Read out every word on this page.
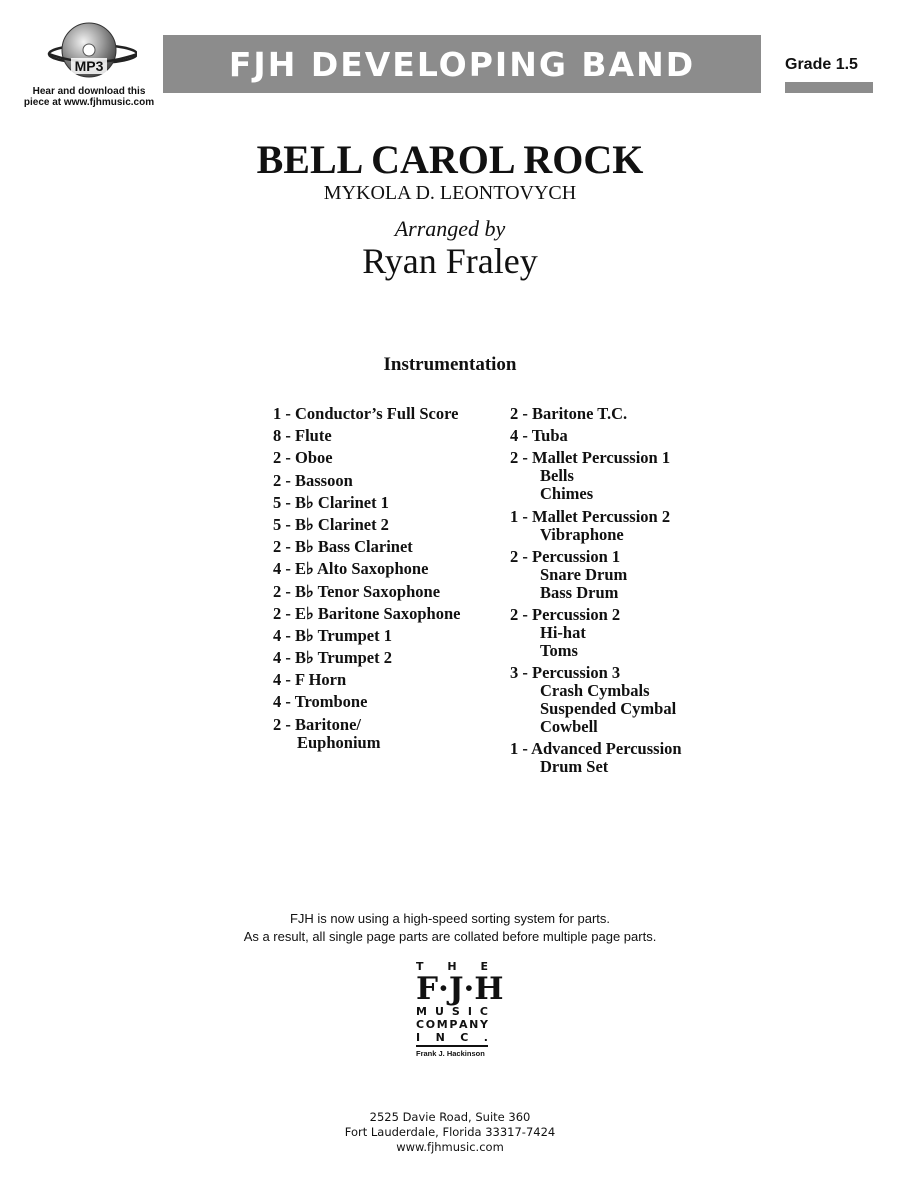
MP3
Hear and download this
piece at www.fjhmusic.com
FJH DEVELOPING BAND	Grade 1.5
BELL CAROL ROCK
MYKOLA D. LEONTOVYCH
Arranged by
Ryan Fraley
Instrumentation
1 - Conductor’s Full Score
8 - Flute
2 - Oboe
2 - Bassoon
5 - B♭ Clarinet 1
5 - B♭ Clarinet 2
2 - B♭ Bass Clarinet
4 - E♭ Alto Saxophone
2 - B♭ Tenor Saxophone
2 - E♭ Baritone Saxophone
4 - B♭ Trumpet 1
4 - B♭ Trumpet 2
4 - F Horn
4 - Trombone
2 - Baritone/
Euphonium
2 - Baritone T.C.
4 - Tuba
2 - Mallet Percussion 1
Bells
Chimes
1 - Mallet Percussion 2
Vibraphone
2 - Percussion 1
Snare Drum
Bass Drum
2 - Percussion 2
Hi-hat
Toms
3 - Percussion 3
Crash Cymbals
Suspended Cymbal
Cowbell
1 - Advanced Percussion
Drum Set
FJH is now using a high-speed sorting system for parts.
As a result, all single page parts are collated before multiple page parts.
T H E
F · J · H
M U S I C
C O M P A N Y
I N C .
Frank J. Hackinson
2525 Davie Road, Suite 360
Fort Lauderdale, Florida 33317-7424
www.fjhmusic.com
